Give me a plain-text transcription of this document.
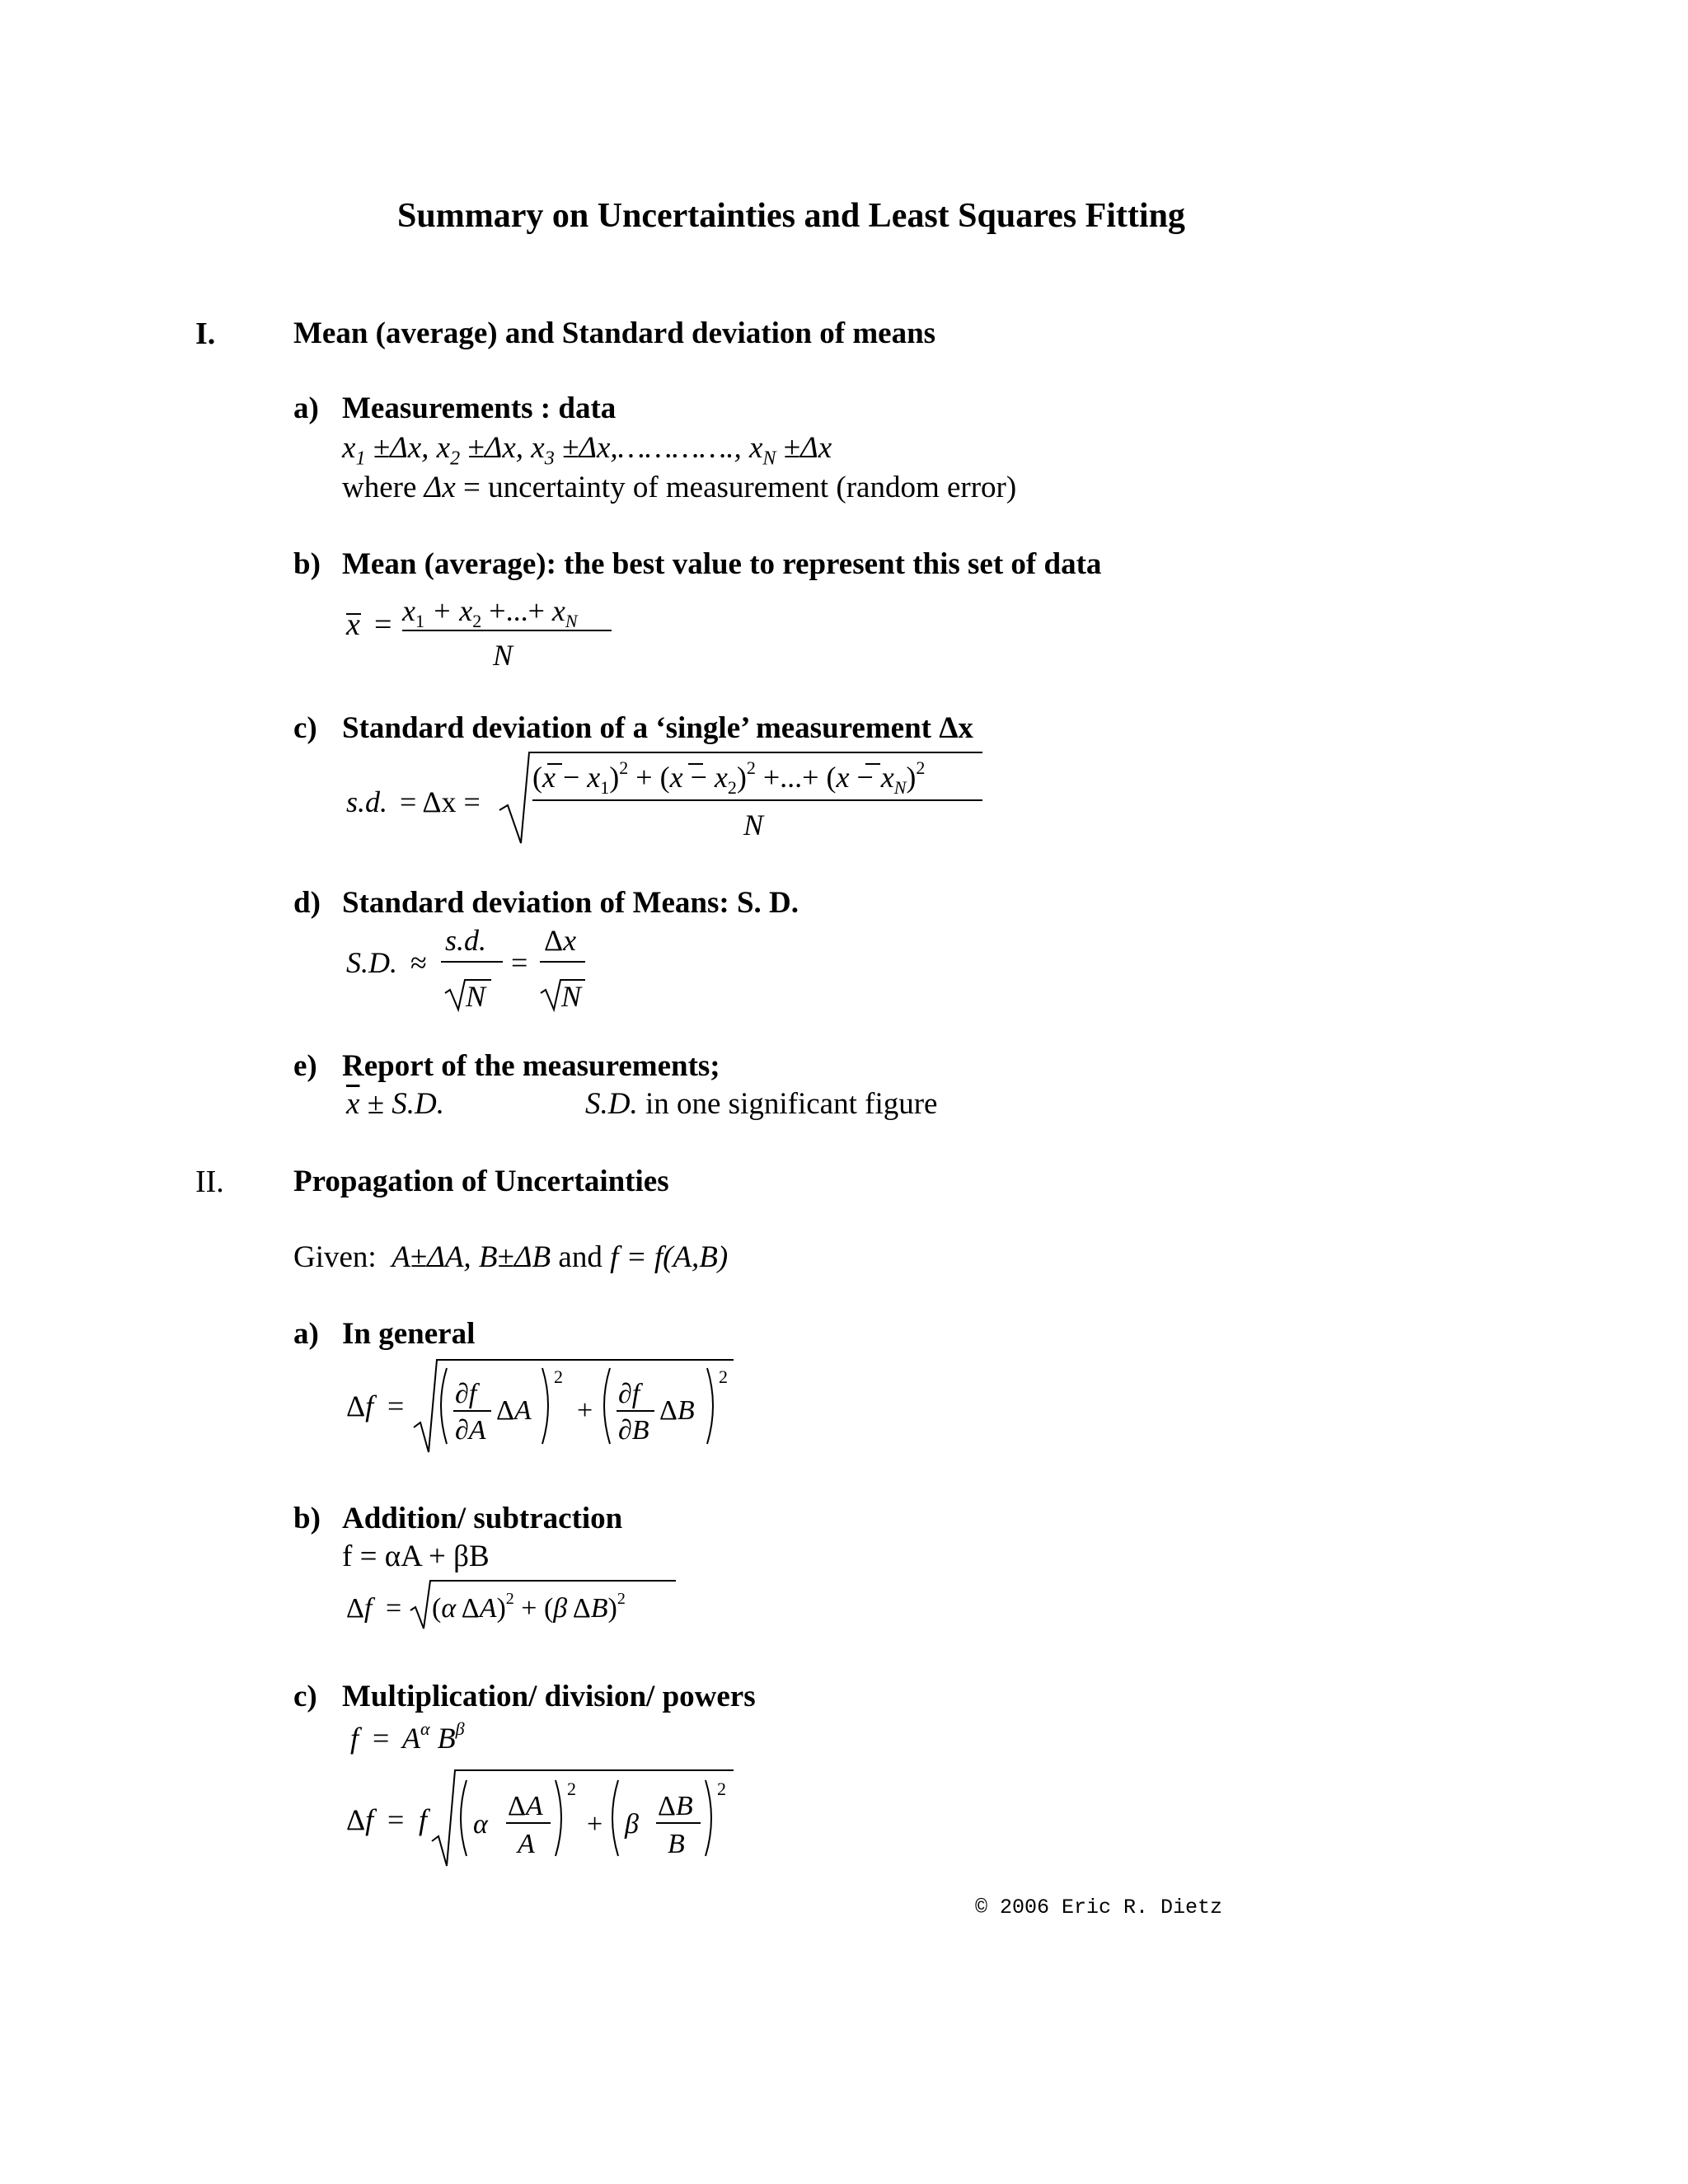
Summary on Uncertainties and Least Squares Fitting
I.	Mean (average) and Standard deviation of means
a) Measurements : data
$x_1 \pm\Delta x$, $x_2 \pm\Delta x$, $x_3$ ±Δx,…………., $x_N \pm\Delta x$
where Δx = uncertainty of measurement (random error)
b) Mean (average): the best value to represent this set of data
$x = x_1 + x_2$ +...+ $x_N$
N
c) Standard deviation of a ‘single’ measurement Δx
s.d. = Δx =
$(x - x_1)^2 + (x - x_2)^2$ +...+ $(x - x_N)^2$
N
d) Standard deviation of Means: S. D.
S.D. ≈
s.d.
N
=
Δx
N
e) Report of the measurements;
$\overline{x} \pm S.D$.	S.D. in one significant figure
II. Propagation of Uncertainties
Given: A±ΔA, B±ΔB and f = f(A,B)
a) In general
Δf = ∂f
∂A
ΔA
2
+
∂f
∂B
ΔB
2
b) Addition/ subtraction
f = αA + βB
Δf = (α ΔA)$^2$ + (β ΔB)$^2$
c) Multiplication/ division/ powers
$f = A^\alpha$ $B^\beta$
Δf = f α
ΔA
A
2
+ β
ΔB
B
2
© 2006 Eric R. Dietz
